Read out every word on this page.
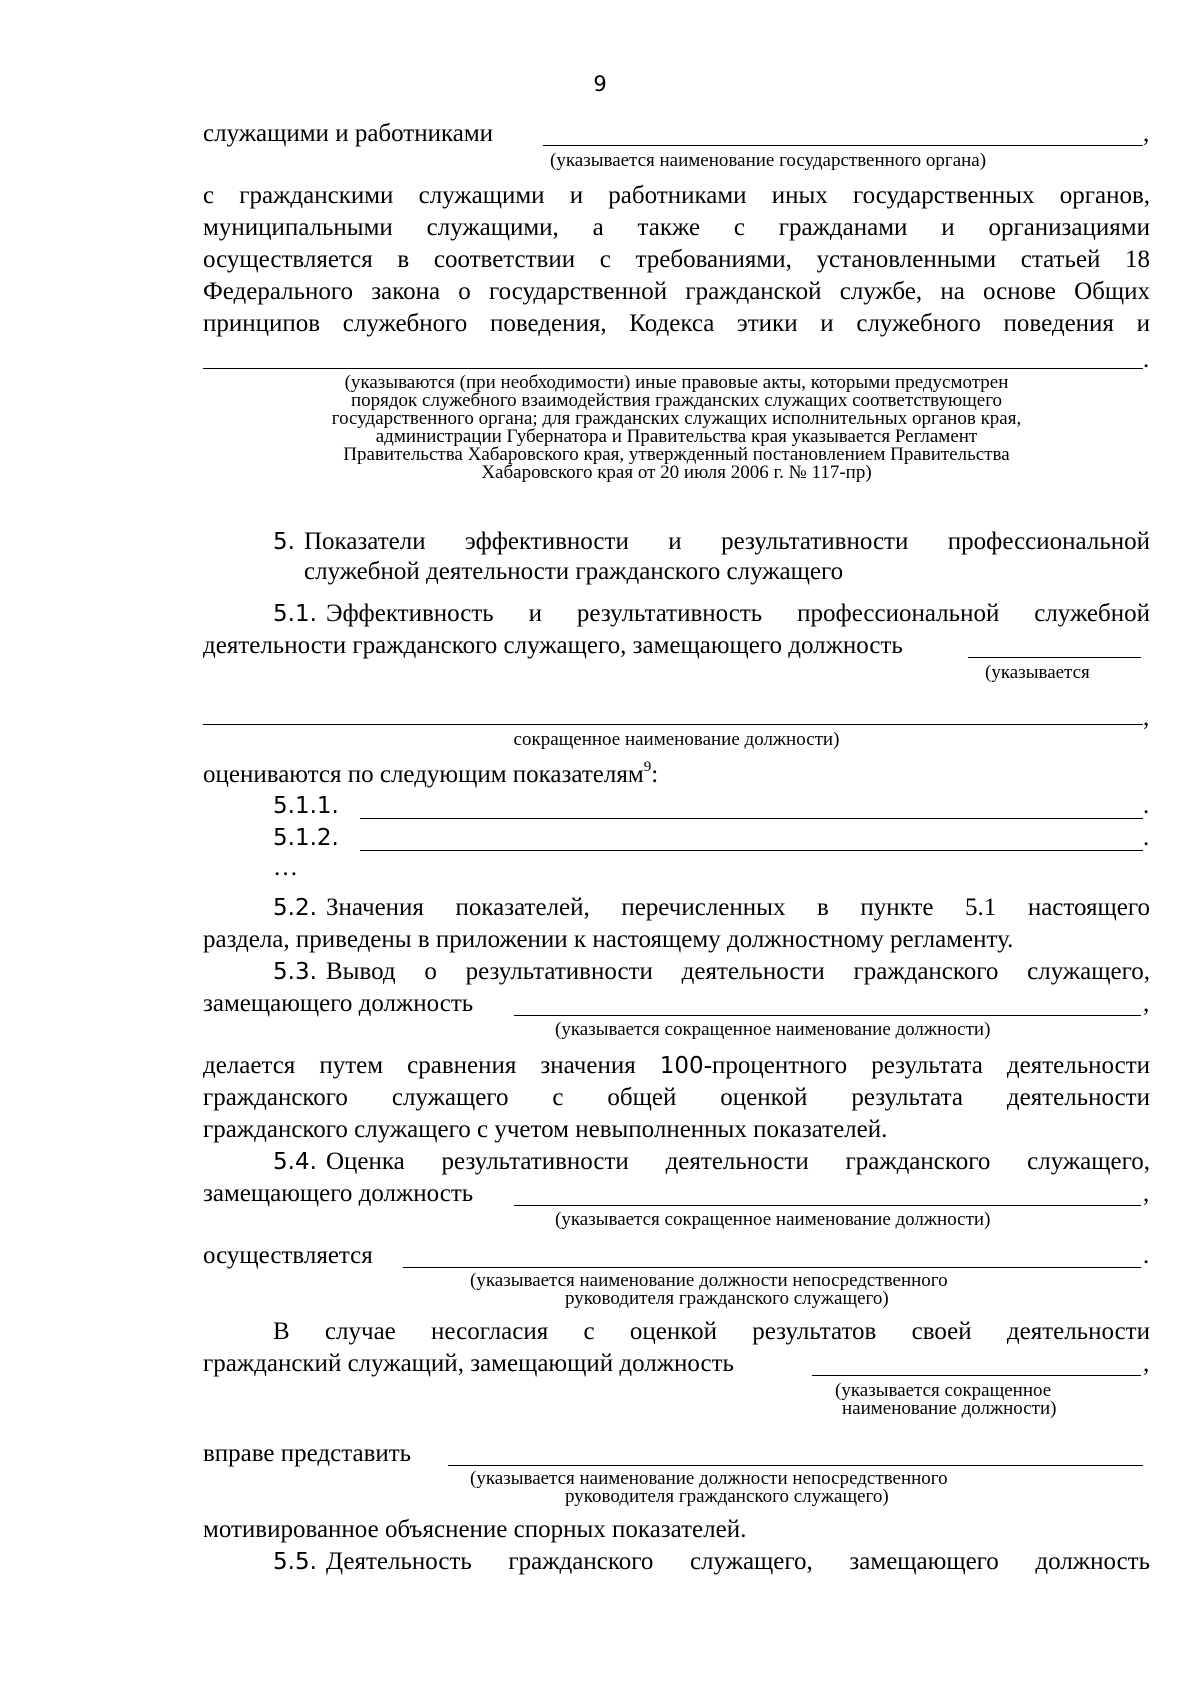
9
служащими и работниками	,
(указывается наименование государственного органа)
с гражданскими служащими и работниками иных государственных органов,
муниципальными служащими, а также с гражданами и организациями
осуществляется в соответствии с требованиями, установленными статьей 18
Федерального закона о государственной гражданской службе, на основе Общих
принципов служебного поведения, Кодекса этики и служебного поведения и
.
(указываются (при необходимости) иные правовые акты, которыми предусмотрен
порядок служебного взаимодействия гражданских служащих соответствующего
государственного органа; для гражданских служащих исполнительных органов края,
администрации Губернатора и Правительства края указывается Регламент
Правительства Хабаровского края, утвержденный постановлением Правительства
Хабаровского края от 20 июля 2006 г. № 117-пр)
5. Показатели эффективности и результативности профессиональной
служебной деятельности гражданского служащего
5.1. Эффективность и результативность профессиональной служебной
деятельности гражданского служащего, замещающего должность
(указывается
,
сокращенное наименование должности)
оцениваются по следующим показателям$^9$:
5.1.1.	.
5.1.2.	.
…
5.2. Значения показателей, перечисленных в пункте 5.1 настоящего
раздела, приведены в приложении к настоящему должностному регламенту.
5.3. Вывод о результативности деятельности гражданского служащего,
замещающего должность	,
(указывается сокращенное наименование должности)
делается путем сравнения значения 100-процентного результата деятельности
гражданского служащего с общей оценкой результата деятельности
гражданского служащего с учетом невыполненных показателей.
5.4. Оценка результативности деятельности гражданского служащего,
замещающего должность	,
(указывается сокращенное наименование должности)
осуществляется	.
(указывается наименование должности непосредственного
руководителя гражданского служащего)
В случае несогласия с оценкой результатов своей деятельности
гражданский служащий, замещающий должность	,
(указывается сокращенное
наименование должности)
вправе представить
(указывается наименование должности непосредственного
руководителя гражданского служащего)
мотивированное объяснение спорных показателей.
5.5. Деятельность гражданского служащего, замещающего должность
